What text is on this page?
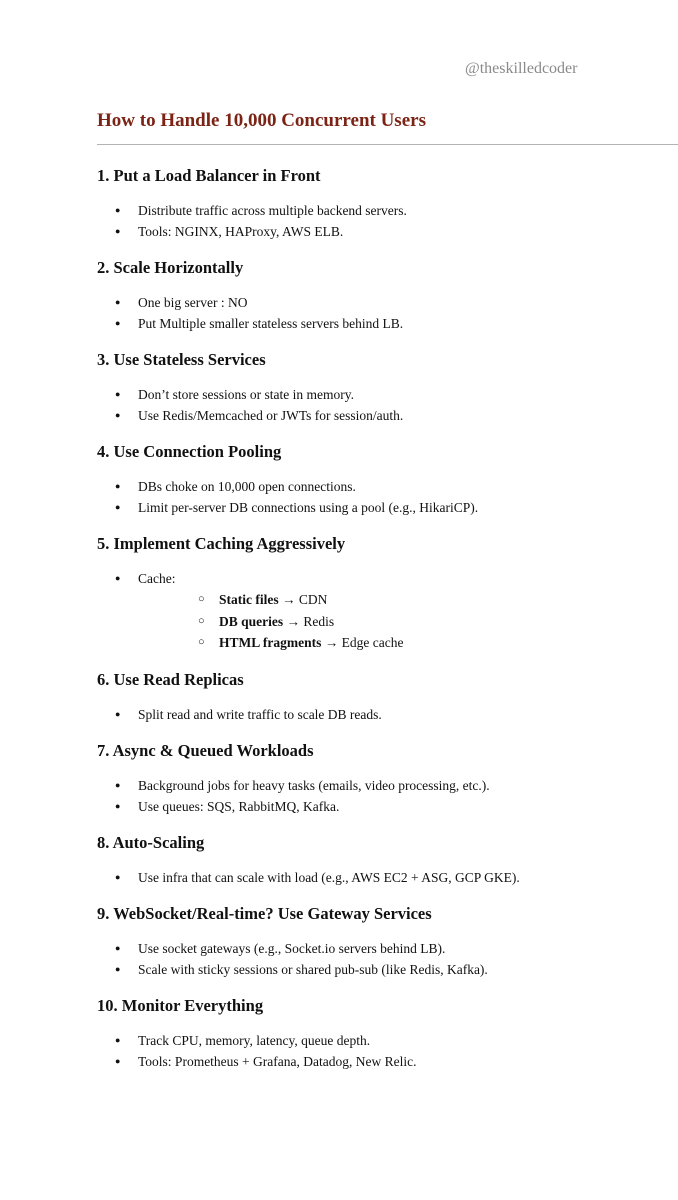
@theskilledcoder
How to Handle 10,000 Concurrent Users
1. Put a Load Balancer in Front
● Distribute traffic across multiple backend servers.
● Tools: NGINX, HAProxy, AWS ELB.
2. Scale Horizontally
● One big server : NO
● Put Multiple smaller stateless servers behind LB.
3. Use Stateless Services
● Don’t store sessions or state in memory.
● Use Redis/Memcached or JWTs for session/auth.
4. Use Connection Pooling
● DBs choke on 10,000 open connections.
● Limit per-server DB connections using a pool (e.g., HikariCP).
5. Implement Caching Aggressively
● Cache:
○ Static files → CDN
○ DB queries → Redis
○ HTML fragments → Edge cache
6. Use Read Replicas
● Split read and write traffic to scale DB reads.
7. Async & Queued Workloads
● Background jobs for heavy tasks (emails, video processing, etc.).
● Use queues: SQS, RabbitMQ, Kafka.
8. Auto-Scaling
● Use infra that can scale with load (e.g., AWS EC2 + ASG, GCP GKE).
9. WebSocket/Real-time? Use Gateway Services
● Use socket gateways (e.g., Socket.io servers behind LB).
● Scale with sticky sessions or shared pub-sub (like Redis, Kafka).
10. Monitor Everything
● Track CPU, memory, latency, queue depth.
● Tools: Prometheus + Grafana, Datadog, New Relic.
